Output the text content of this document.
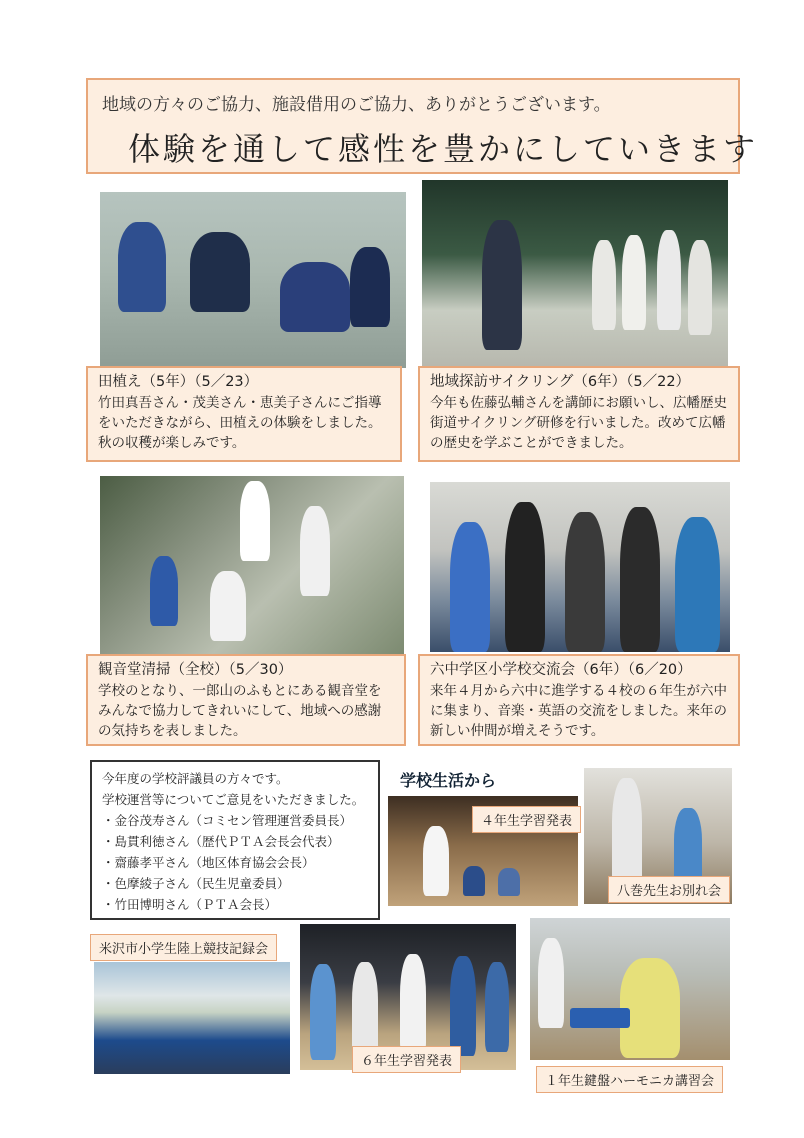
地域の方々のご協力、施設借用のご協力、ありがとうございます。
体験を通して感性を豊かにしていきます
田植え（5年）（5／23）
竹田真吾さん・茂美さん・恵美子さんにご指導をいただきながら、田植えの体験をしました。秋の収穫が楽しみです。
地域探訪サイクリング（6年）（5／22）
今年も佐藤弘輔さんを講師にお願いし、広幡歴史街道サイクリング研修を行いました。改めて広幡の歴史を学ぶことができました。
観音堂清掃（全校）（5／30）
学校のとなり、一郎山のふもとにある観音堂をみんなで協力してきれいにして、地域への感謝の気持ちを表しました。
六中学区小学校交流会（6年）（6／20）
来年４月から六中に進学する４校の６年生が六中に集まり、音楽・英語の交流をしました。来年の新しい仲間が増えそうです。
今年度の学校評議員の方々です。
学校運営等についてご意見をいただきました。
・金谷茂寿さん（コミセン管理運営委員長）
・島貫利徳さん（歴代ＰＴＡ会長会代表）
・齋藤孝平さん（地区体育協会会長）
・色摩綾子さん（民生児童委員）
・竹田博明さん（ＰＴＡ会長）
学校生活から
４年生学習発表
八巻先生お別れ会
米沢市小学生陸上競技記録会
６年生学習発表
１年生鍵盤ハーモニカ講習会
